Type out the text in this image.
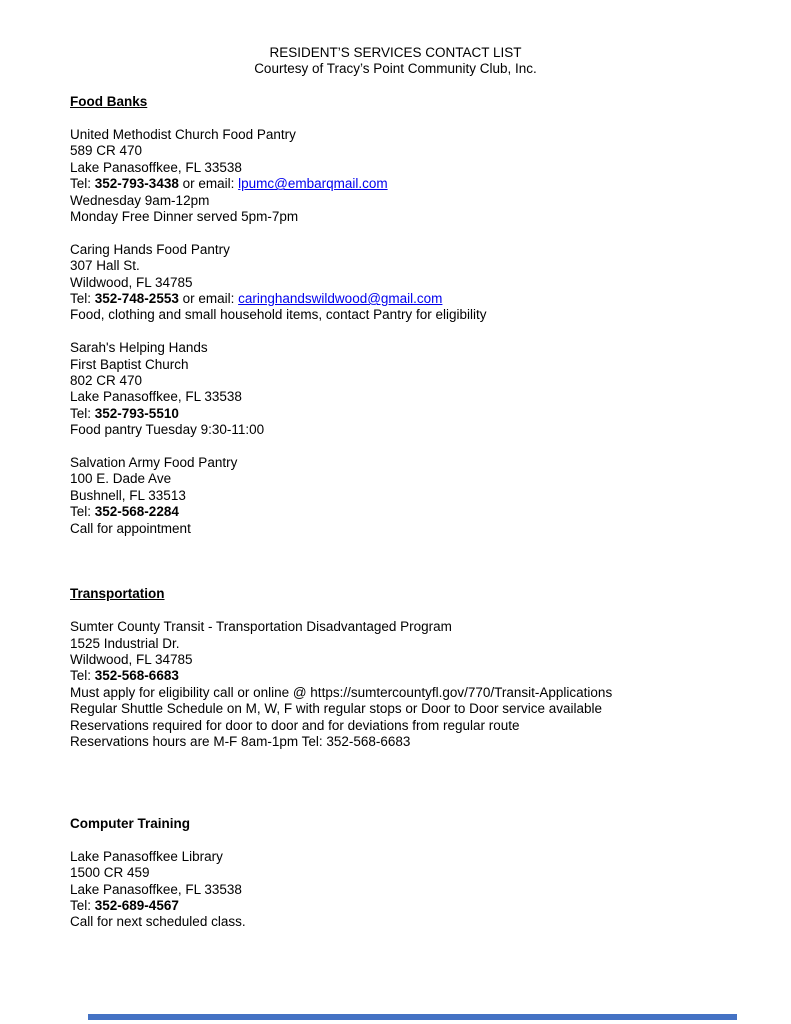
RESIDENT’S SERVICES CONTACT LIST
Courtesy of Tracy’s Point Community Club, Inc.
Food Banks
United Methodist Church Food Pantry
589 CR 470
Lake Panasoffkee, FL 33538
Tel: 352-793-3438 or email: lpumc@embarqmail.com
Wednesday 9am-12pm
Monday Free Dinner served 5pm-7pm
Caring Hands Food Pantry
307 Hall St.
Wildwood, FL 34785
Tel: 352-748-2553 or email: caringhandswildwood@gmail.com
Food, clothing and small household items, contact Pantry for eligibility
Sarah's Helping Hands
First Baptist Church
802 CR 470
Lake Panasoffkee, FL 33538
Tel: 352-793-5510
Food pantry Tuesday 9:30-11:00
Salvation Army Food Pantry
100 E. Dade Ave
Bushnell, FL 33513
Tel: 352-568-2284
Call for appointment
Transportation
Sumter County Transit - Transportation Disadvantaged Program
1525 Industrial Dr.
Wildwood, FL 34785
Tel: 352-568-6683
Must apply for eligibility call or online @ https://sumtercountyfl.gov/770/Transit-Applications
Regular Shuttle Schedule on M, W, F with regular stops or Door to Door service available
Reservations required for door to door and for deviations from regular route
Reservations hours are M-F 8am-1pm Tel: 352-568-6683
Computer Training
Lake Panasoffkee Library
1500 CR 459
Lake Panasoffkee, FL 33538
Tel: 352-689-4567
Call for next scheduled class.
